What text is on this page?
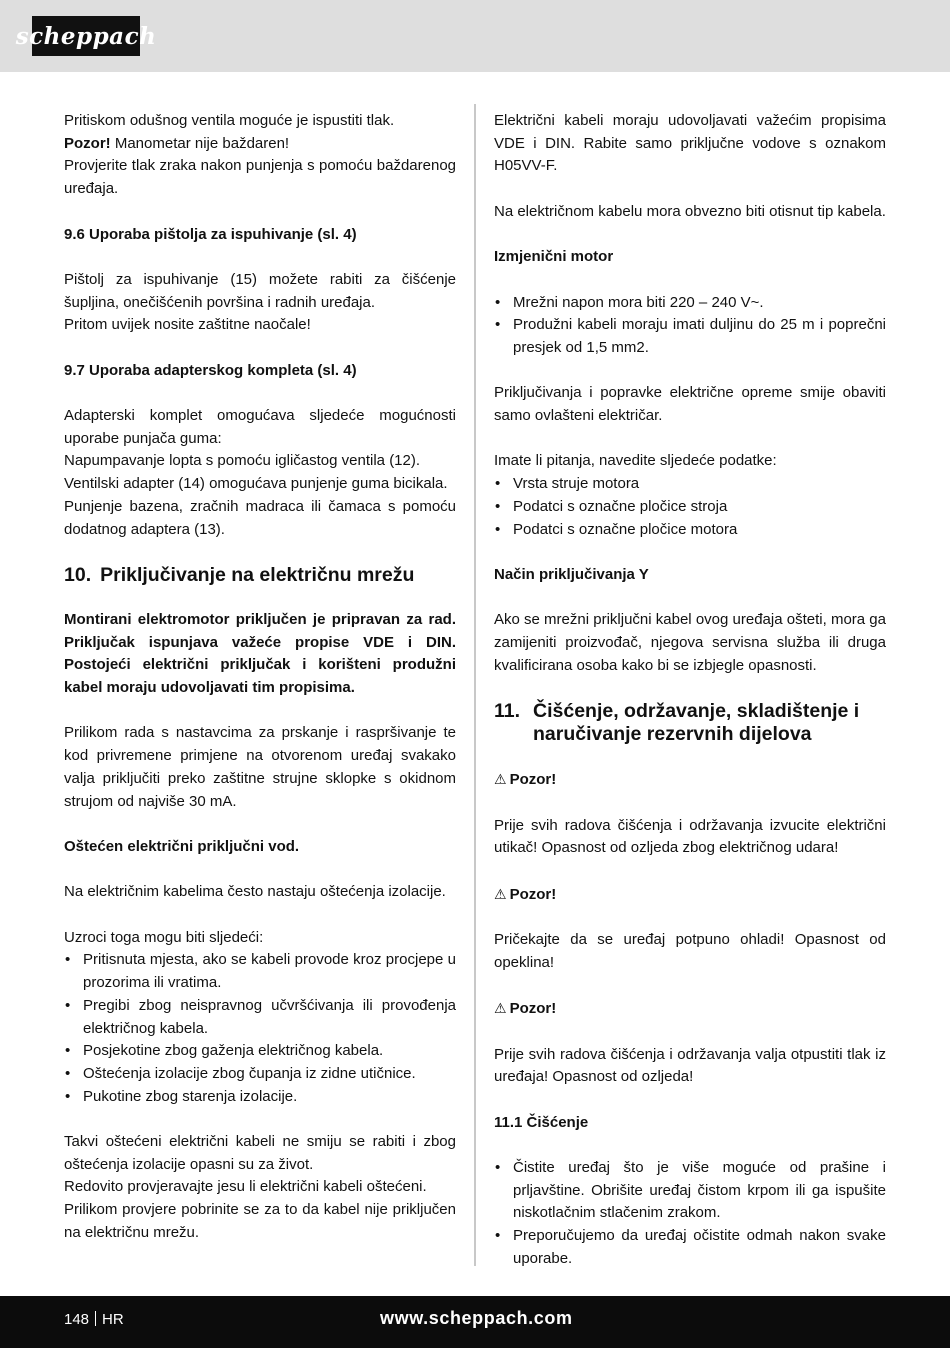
scheppach

Pritiskom odušnog ventila moguće je ispustiti tlak.
Pozor! Manometar nije baždaren!
Provjerite tlak zraka nakon punjenja s pomoću baždarenog uređaja.

9.6 Uporaba pištolja za ispuhivanje (sl. 4)

Pištolj za ispuhivanje (15) možete rabiti za čišćenje šupljina, onečišćenih površina i radnih uređaja.
Pritom uvijek nosite zaštitne naočale!

9.7 Uporaba adapterskog kompleta (sl. 4)

Adapterski komplet omogućava sljedeće mogućnosti uporabe punjača guma:
Napumpavanje lopta s pomoću igličastog ventila (12).
Ventilski adapter (14) omogućava punjenje guma bicikala.
Punjenje bazena, zračnih madraca ili čamaca s pomoću dodatnog adaptera (13).

10. Priključivanje na električnu mrežu

Montirani elektromotor priključen je pripravan za rad. Priključak ispunjava važeće propise VDE i DIN. Postojeći električni priključak i korišteni produžni kabel moraju udovoljavati tim propisima.

Prilikom rada s nastavcima za prskanje i raspršivanje te kod privremene primjene na otvorenom uređaj svakako valja priključiti preko zaštitne strujne sklopke s okidnom strujom od najviše 30 mA.

Oštećen električni priključni vod.

Na električnim kabelima često nastaju oštećenja izolacije.

Uzroci toga mogu biti sljedeći:

• Pritisnuta mjesta, ako se kabeli provode kroz procjepe u prozorima ili vratima.
• Pregibi zbog neispravnog učvršćivanja ili provođenja električnog kabela.
• Posjekotine zbog gaženja električnog kabela.
• Oštećenja izolacije zbog čupanja iz zidne utičnice.
• Pukotine zbog starenja izolacije.

Takvi oštećeni električni kabeli ne smiju se rabiti i zbog oštećenja izolacije opasni su za život.
Redovito provjeravajte jesu li električni kabeli oštećeni.
Prilikom provjere pobrinite se za to da kabel nije priključen na električnu mrežu.

Električni kabeli moraju udovoljavati važećim propisima VDE i DIN. Rabite samo priključne vodove s oznakom H05VV-F.

Na električnom kabelu mora obvezno biti otisnut tip kabela.

Izmjenični motor

• Mrežni napon mora biti 220 – 240 V~.
• Produžni kabeli moraju imati duljinu do 25 m i poprečni presjek od 1,5 mm2.

Priključivanja i popravke električne opreme smije obaviti samo ovlašteni električar.

Imate li pitanja, navedite sljedeće podatke:

• Vrsta struje motora
• Podatci s označne pločice stroja
• Podatci s označne pločice motora

Način priključivanja Y

Ako se mrežni priključni kabel ovog uređaja ošteti, mora ga zamijeniti proizvođač, njegova servisna služba ili druga kvalificirana osoba kako bi se izbjegle opasnosti.

11. Čišćenje, održavanje, skladištenje i naručivanje rezervnih dijelova

⚠ Pozor!

Prije svih radova čišćenja i održavanja izvucite električni utikač! Opasnost od ozljeda zbog električnog udara!

⚠ Pozor!

Pričekajte da se uređaj potpuno ohladi! Opasnost od opeklina!

⚠ Pozor!

Prije svih radova čišćenja i održavanja valja otpustiti tlak iz uređaja! Opasnost od ozljeda!

11.1 Čišćenje

• Čistite uređaj što je više moguće od prašine i prljavštine. Obrišite uređaj čistom krpom ili ga ispušite niskotlačnim stlačenim zrakom.
• Preporučujemo da uređaj očistite odmah nakon svake uporabe.
148 HR	www.scheppach.com
